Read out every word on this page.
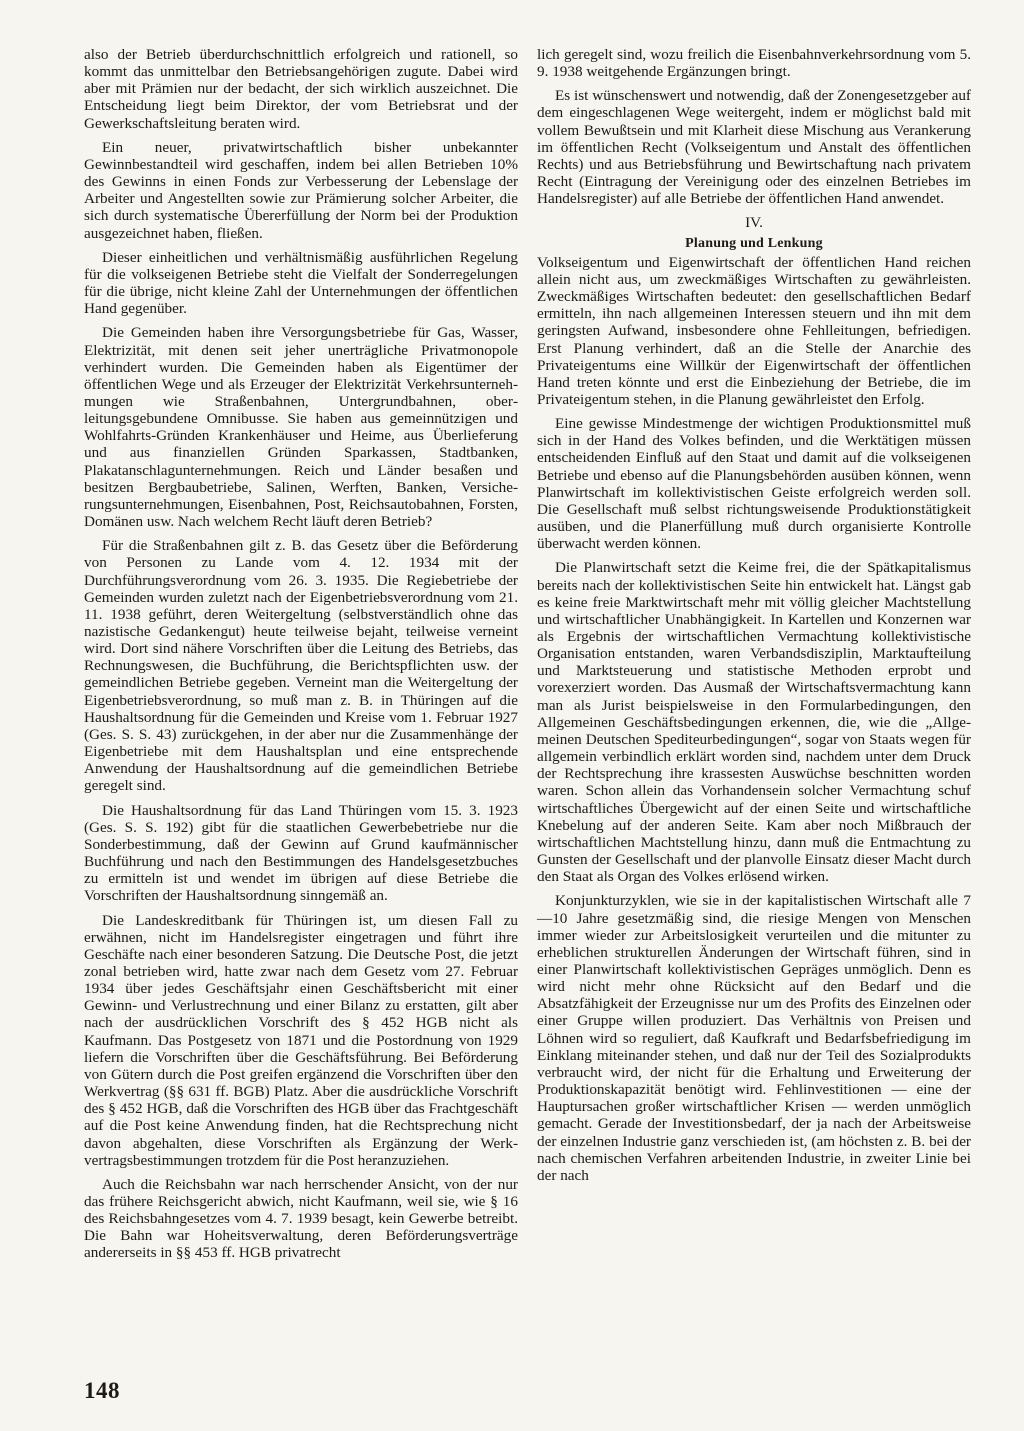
also der Betrieb überdurchschnittlich erfolgreich und rationell, so kommt das unmittelbar den Betriebsangehörigen zugute. Dabei wird aber mit Prämien nur der bedacht, der sich wirklich auszeichnet. Die Entscheidung liegt beim Direktor, der vom Betriebsrat und der Gewerkschaftsleitung beraten wird.

Ein neuer, privatwirtschaftlich bisher unbekannter Gewinnbestandteil wird geschaffen, indem bei allen Betrieben 10% des Gewinns in einen Fonds zur Verbesserung der Lebenslage der Arbeiter und Angestellten sowie zur Prämierung solcher Arbeiter, die sich durch systematische Übererfüllung der Norm bei der Produktion ausgezeichnet haben, fließen.

Dieser einheitlichen und verhältnismäßig ausführlichen Regelung für die volkseigenen Betriebe steht die Vielfalt der Sonderregelungen für die übrige, nicht kleine Zahl der Unternehmungen der öffentlichen Hand gegenüber.

Die Gemeinden haben ihre Versorgungsbetriebe für Gas, Wasser, Elektrizität, mit denen seit jeher unerträgliche Privatmonopole verhindert wurden. Die Gemeinden haben als Eigentümer der öffentlichen Wege und als Erzeuger der Elektrizität Verkehrsunternehmungen wie Straßenbahnen, Untergrundbahnen, oberleitungsgebundene Omnibusse. Sie haben aus gemeinnützigen und Wohlfahrts-Gründen Krankenhäuser und Heime, aus Überlieferung und aus finanziellen Gründen Sparkassen, Stadtbanken, Plakatanschlagunternehmungen. Reich und Länder besaßen und besitzen Bergbaubetriebe, Salinen, Werften, Banken, Versicherungsunternehmungen, Eisenbahnen, Post, Reichsautobahnen, Forsten, Domänen usw. Nach welchem Recht läuft deren Betrieb?

Für die Straßenbahnen gilt z. B. das Gesetz über die Beförderung von Personen zu Lande vom 4. 12. 1934 mit der Durchführungsverordnung vom 26. 3. 1935. Die Regiebetriebe der Gemeinden wurden zuletzt nach der Eigenbetriebsverordnung vom 21. 11. 1938 geführt, deren Weitergeltung (selbstverständlich ohne das nazistische Gedankengut) heute teilweise bejaht, teilweise verneint wird. Dort sind nähere Vorschriften über die Leitung des Betriebs, das Rechnungswesen, die Buchführung, die Berichtspflichten usw. der gemeindlichen Betriebe gegeben. Verneint man die Weitergeltung der Eigenbetriebsverordnung, so muß man z. B. in Thüringen auf die Haushaltsordnung für die Gemeinden und Kreise vom 1. Februar 1927 (Ges. S. S. 43) zurückgehen, in der aber nur die Zusammenhänge der Eigenbetriebe mit dem Haushaltsplan und eine entsprechende Anwendung der Haushaltsordnung auf die gemeindlichen Betriebe geregelt sind.

Die Haushaltsordnung für das Land Thüringen vom 15. 3. 1923 (Ges. S. S. 192) gibt für die staatlichen Gewerbebetriebe nur die Sonderbestimmung, daß der Gewinn auf Grund kaufmännischer Buchführung und nach den Bestimmungen des Handelsgesetzbuches zu ermitteln ist und wendet im übrigen auf diese Betriebe die Vorschriften der Haushaltsordnung sinngemäß an.

Die Landeskreditbank für Thüringen ist, um diesen Fall zu erwähnen, nicht im Handelsregister eingetragen und führt ihre Geschäfte nach einer besonderen Satzung. Die Deutsche Post, die jetzt zonal betrieben wird, hatte zwar nach dem Gesetz vom 27. Februar 1934 über jedes Geschäftsjahr einen Geschäftsbericht mit einer Gewinn- und Verlustrechnung und einer Bilanz zu erstatten, gilt aber nach der ausdrücklichen Vorschrift des § 452 HGB nicht als Kaufmann. Das Postgesetz von 1871 und die Postordnung von 1929 liefern die Vorschriften über die Geschäftsführung. Bei Beförderung von Gütern durch die Post greifen ergänzend die Vorschriften über den Werkvertrag (§§ 631 ff. BGB) Platz. Aber die ausdrückliche Vorschrift des § 452 HGB, daß die Vorschriften des HGB über das Frachtgeschäft auf die Post keine Anwendung finden, hat die Rechtsprechung nicht davon abgehalten, diese Vorschriften als Ergänzung der Werkvertragsbestimmungen trotzdem für die Post heranzuziehen.

Auch die Reichsbahn war nach herrschender Ansicht, von der nur das frühere Reichsgericht abwich, nicht Kaufmann, weil sie, wie § 16 des Reichsbahngesetzes vom 4. 7. 1939 besagt, kein Gewerbe betreibt. Die Bahn war Hoheitsverwaltung, deren Beförderungsverträge andererseits in §§ 453 ff. HGB privatrecht

lich geregelt sind, wozu freilich die Eisenbahnverkehrsordnung vom 5. 9. 1938 weitgehende Ergänzungen bringt.

Es ist wünschenswert und notwendig, daß der Zonengesetzgeber auf dem eingeschlagenen Wege weitergeht, indem er möglichst bald mit vollem Bewußtsein und mit Klarheit diese Mischung aus Verankerung im öffentlichen Recht (Volkseigentum und Anstalt des öffentlichen Rechts) und aus Betriebsführung und Bewirtschaftung nach privatem Recht (Eintragung der Vereinigung oder des einzelnen Betriebes im Handelsregister) auf alle Betriebe der öffentlichen Hand anwendet.

IV.
Planung und Lenkung

Volkseigentum und Eigenwirtschaft der öffentlichen Hand reichen allein nicht aus, um zweckmäßiges Wirtschaften zu gewährleisten. Zweckmäßiges Wirtschaften bedeutet: den gesellschaftlichen Bedarf ermitteln, ihn nach allgemeinen Interessen steuern und ihn mit dem geringsten Aufwand, insbesondere ohne Fehlleitungen, befriedigen. Erst Planung verhindert, daß an die Stelle der Anarchie des Privateigentums eine Willkür der Eigenwirtschaft der öffentlichen Hand treten könnte und erst die Einbeziehung der Betriebe, die im Privateigentum stehen, in die Planung gewährleistet den Erfolg.

Eine gewisse Mindestmenge der wichtigen Produktionsmittel muß sich in der Hand des Volkes befinden, und die Werktätigen müssen entscheidenden Einfluß auf den Staat und damit auf die volkseigenen Betriebe und ebenso auf die Planungsbehörden ausüben können, wenn Planwirtschaft im kollektivistischen Geiste erfolgreich werden soll. Die Gesellschaft muß selbst richtungsweisende Produktionstätigkeit ausüben, und die Planerfüllung muß durch organisierte Kontrolle überwacht werden können.

Die Planwirtschaft setzt die Keime frei, die der Spätkapitalismus bereits nach der kollektivistischen Seite hin entwickelt hat. Längst gab es keine freie Marktwirtschaft mehr mit völlig gleicher Machtstellung und wirtschaftlicher Unabhängigkeit. In Kartellen und Konzernen war als Ergebnis der wirtschaftlichen Vermachtung kollektivistische Organisation entstanden, waren Verbandsdisziplin, Marktaufteilung und Marktsteuerung und statistische Methoden erprobt und vorexerziert worden. Das Ausmaß der Wirtschaftsvermachtung kann man als Jurist beispielsweise in den Formularbedingungen, den Allgemeinen Geschäftsbedingungen erkennen, die, wie die „Allgemeinen Deutschen Spediteurbedingungen“, sogar von Staats wegen für allgemein verbindlich erklärt worden sind, nachdem unter dem Druck der Rechtsprechung ihre krassesten Auswüchse beschnitten worden waren. Schon allein das Vorhandensein solcher Vermachtung schuf wirtschaftliches Übergewicht auf der einen Seite und wirtschaftliche Knebelung auf der anderen Seite. Kam aber noch Mißbrauch der wirtschaftlichen Machtstellung hinzu, dann muß die Entmachtung zu Gunsten der Gesellschaft und der planvolle Einsatz dieser Macht durch den Staat als Organ des Volkes erlösend wirken.

Konjunkturzyklen, wie sie in der kapitalistischen Wirtschaft alle 7—10 Jahre gesetzmäßig sind, die riesige Mengen von Menschen immer wieder zur Arbeitslosigkeit verurteilen und die mitunter zu erheblichen strukturellen Änderungen der Wirtschaft führen, sind in einer Planwirtschaft kollektivistischen Gepräges unmöglich. Denn es wird nicht mehr ohne Rücksicht auf den Bedarf und die Absatzfähigkeit der Erzeugnisse nur um des Profits des Einzelnen oder einer Gruppe willen produziert. Das Verhältnis von Preisen und Löhnen wird so reguliert, daß Kaufkraft und Bedarfsbefriedigung im Einklang miteinander stehen, und daß nur der Teil des Sozialprodukts verbraucht wird, der nicht für die Erhaltung und Erweiterung der Produktionskapazität benötigt wird. Fehlinvestitionen — eine der Hauptursachen großer wirtschaftlicher Krisen — werden unmöglich gemacht. Gerade der Investitionsbedarf, der ja nach der Arbeitsweise der einzelnen Industrie ganz verschieden ist, (am höchsten z. B. bei der nach chemischen Verfahren arbeitenden Industrie, in zweiter Linie bei der nach

148
